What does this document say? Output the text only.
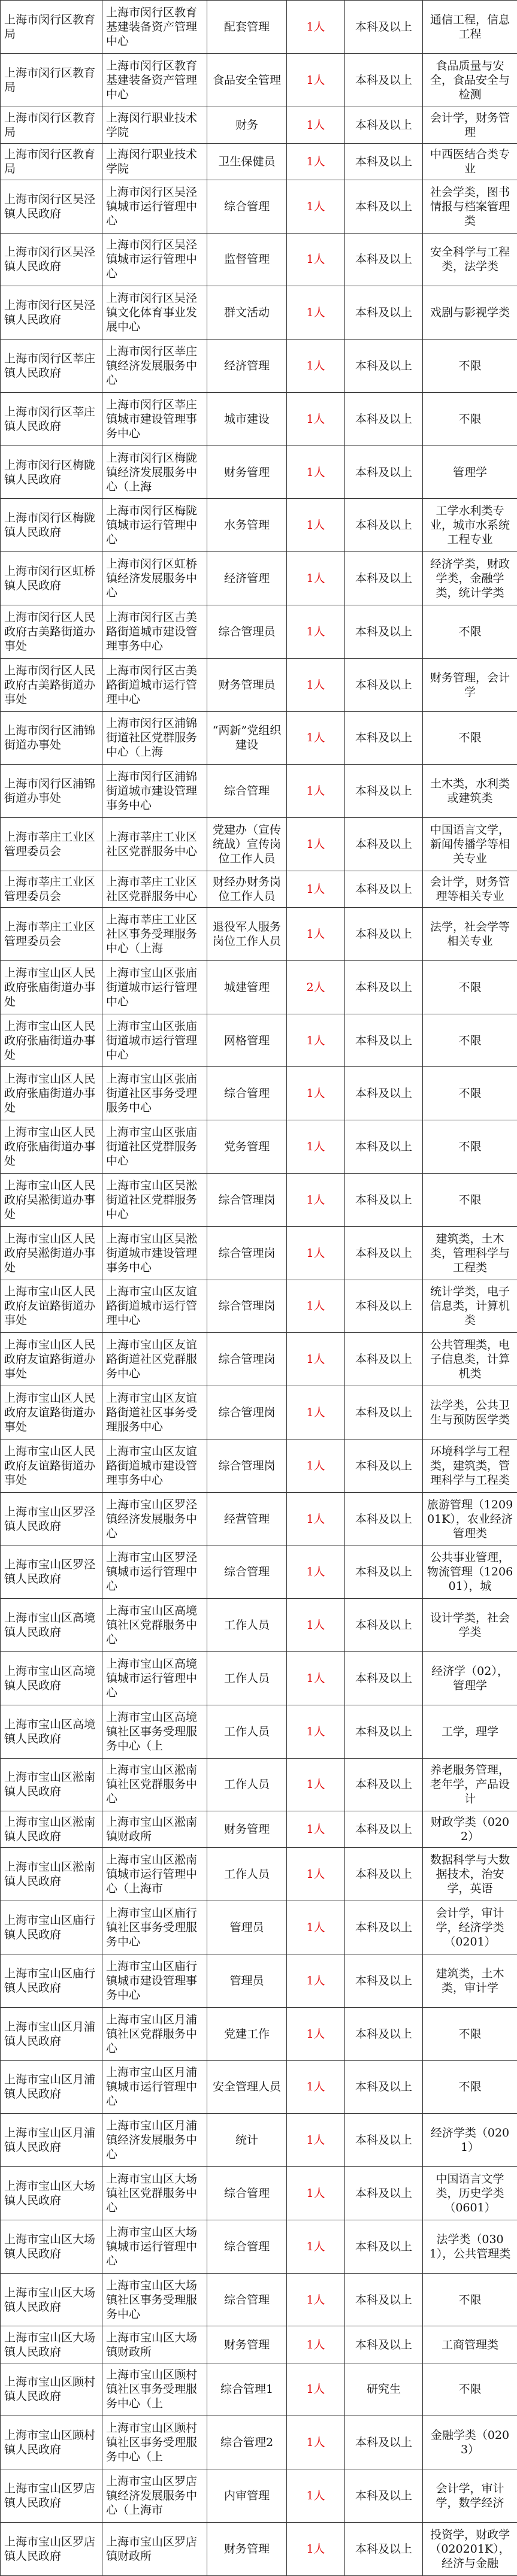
上海市闵行区教育局	上海市闵行区教育基建装备资产管理中心	配套管理	1人	本科及以上	通信工程，信息工程
上海市闵行区教育局	上海市闵行区教育基建装备资产管理中心	食品安全管理	1人	本科及以上	食品质量与安全，食品安全与检测
上海市闵行区教育局	上海闵行职业技术学院	财务	1人	本科及以上	会计学，财务管理
上海市闵行区教育局	上海闵行职业技术学院	卫生保健员	1人	本科及以上	中西医结合类专业
上海市闵行区吴泾镇人民政府	上海市闵行区吴泾镇城市运行管理中心	综合管理	1人	本科及以上	社会学类，图书情报与档案管理类
上海市闵行区吴泾镇人民政府	上海市闵行区吴泾镇城市运行管理中心	监督管理	1人	本科及以上	安全科学与工程类，法学类
上海市闵行区吴泾镇人民政府	上海市闵行区吴泾镇文化体育事业发展中心	群文活动	1人	本科及以上	戏剧与影视学类
上海市闵行区莘庄镇人民政府	上海市闵行区莘庄镇经济发展服务中心	经济管理	1人	本科及以上	不限
上海市闵行区莘庄镇人民政府	上海市闵行区莘庄镇城市建设管理事务中心	城市建设	1人	本科及以上	不限
上海市闵行区梅陇镇人民政府	上海市闵行区梅陇镇经济发展服务中心（上海	财务管理	1人	本科及以上	管理学
上海市闵行区梅陇镇人民政府	上海市闵行区梅陇镇城市运行管理中心	水务管理	1人	本科及以上	工学水利类专业，城市水系统工程专业
上海市闵行区虹桥镇人民政府	上海市闵行区虹桥镇经济发展服务中心	经济管理	1人	本科及以上	经济学类，财政学类，金融学类，统计学类
上海市闵行区人民政府古美路街道办事处	上海市闵行区古美路街道城市建设管理事务中心	综合管理员	1人	本科及以上	不限
上海市闵行区人民政府古美路街道办事处	上海市闵行区古美路街道城市运行管理中心	财务管理员	1人	本科及以上	财务管理，会计学
上海市闵行区浦锦街道办事处	上海市闵行区浦锦街道社区党群服务中心（上海	“两新”党组织建设	1人	本科及以上	不限
上海市闵行区浦锦街道办事处	上海市闵行区浦锦街道城市建设管理事务中心	综合管理	1人	本科及以上	土木类，水利类或建筑类
上海市莘庄工业区管理委员会	上海市莘庄工业区社区党群服务中心	党建办（宣传统战）宣传岗位工作人员	1人	本科及以上	中国语言文学，新闻传播学等相关专业
上海市莘庄工业区管理委员会	上海市莘庄工业区社区党群服务中心	财经办财务岗位工作人员	1人	本科及以上	会计学，财务管理等相关专业
上海市莘庄工业区管理委员会	上海市莘庄工业区社区事务受理服务中心（上海	退役军人服务岗位工作人员	1人	本科及以上	法学，社会学等相关专业
上海市宝山区人民政府张庙街道办事处	上海市宝山区张庙街道城市运行管理中心	城建管理	2人	本科及以上	不限
上海市宝山区人民政府张庙街道办事处	上海市宝山区张庙街道城市运行管理中心	网格管理	1人	本科及以上	不限
上海市宝山区人民政府张庙街道办事处	上海市宝山区张庙街道社区事务受理服务中心	综合管理	1人	本科及以上	不限
上海市宝山区人民政府张庙街道办事处	上海市宝山区张庙街道社区党群服务中心	党务管理	1人	本科及以上	不限
上海市宝山区人民政府吴淞街道办事处	上海市宝山区吴淞街道社区党群服务中心	综合管理岗	1人	本科及以上	不限
上海市宝山区人民政府吴淞街道办事处	上海市宝山区吴淞街道城市建设管理事务中心	综合管理岗	1人	本科及以上	建筑类，土木类，管理科学与工程类
上海市宝山区人民政府友谊路街道办事处	上海市宝山区友谊路街道城市运行管理中心	综合管理岗	1人	本科及以上	统计学类，电子信息类，计算机类
上海市宝山区人民政府友谊路街道办事处	上海市宝山区友谊路街道社区党群服务中心	综合管理岗	1人	本科及以上	公共管理类，电子信息类，计算机类
上海市宝山区人民政府友谊路街道办事处	上海市宝山区友谊路街道社区事务受理服务中心	综合管理岗	1人	本科及以上	法学类，公共卫生与预防医学类
上海市宝山区人民政府友谊路街道办事处	上海市宝山区友谊路街道城市建设管理事务中心	综合管理岗	1人	本科及以上	环境科学与工程类，建筑类，管理科学与工程类
上海市宝山区罗泾镇人民政府	上海市宝山区罗泾镇经济发展服务中心	经营管理	1人	本科及以上	旅游管理（120901K），农业经济管理类
上海市宝山区罗泾镇人民政府	上海市宝山区罗泾镇城市运行管理中心	综合管理	1人	本科及以上	公共事业管理，物流管理（120601），城
上海市宝山区高境镇人民政府	上海市宝山区高境镇社区党群服务中心	工作人员	1人	本科及以上	设计学类，社会学类
上海市宝山区高境镇人民政府	上海市宝山区高境镇城市运行管理中心	工作人员	1人	本科及以上	经济学（02），管理学
上海市宝山区高境镇人民政府	上海市宝山区高境镇社区事务受理服务中心（上	工作人员	1人	本科及以上	工学，理学
上海市宝山区淞南镇人民政府	上海市宝山区淞南镇社区党群服务中心	工作人员	1人	本科及以上	养老服务管理，老年学，产品设计
上海市宝山区淞南镇人民政府	上海市宝山区淞南镇财政所	财务管理	1人	本科及以上	财政学类（0202）
上海市宝山区淞南镇人民政府	上海市宝山区淞南镇城市运行管理中心（上海市	工作人员	1人	本科及以上	数据科学与大数据技术，治安学，英语
上海市宝山区庙行镇人民政府	上海市宝山区庙行镇社区事务受理服务中心	管理员	1人	本科及以上	会计学，审计学，经济学类（0201）
上海市宝山区庙行镇人民政府	上海市宝山区庙行镇城市建设管理事务中心	管理员	1人	本科及以上	建筑类，土木类，审计学
上海市宝山区月浦镇人民政府	上海市宝山区月浦镇社区党群服务中心	党建工作	1人	本科及以上	不限
上海市宝山区月浦镇人民政府	上海市宝山区月浦镇城市运行管理中心	安全管理人员	1人	本科及以上	不限
上海市宝山区月浦镇人民政府	上海市宝山区月浦镇经济发展服务中心	统计	1人	本科及以上	经济学类（0201）
上海市宝山区大场镇人民政府	上海市宝山区大场镇社区党群服务中心	综合管理	1人	本科及以上	中国语言文学类，历史学类（0601）
上海市宝山区大场镇人民政府	上海市宝山区大场镇城市运行管理中心	综合管理	1人	本科及以上	法学类（0301），公共管理类
上海市宝山区大场镇人民政府	上海市宝山区大场镇社区事务受理服务中心	综合管理	1人	本科及以上	不限
上海市宝山区大场镇人民政府	上海市宝山区大场镇财政所	财务管理	1人	本科及以上	工商管理类
上海市宝山区顾村镇人民政府	上海市宝山区顾村镇社区事务受理服务中心（上	综合管理1	1人	研究生	不限
上海市宝山区顾村镇人民政府	上海市宝山区顾村镇社区事务受理服务中心（上	综合管理2	1人	本科及以上	金融学类（0203）
上海市宝山区罗店镇人民政府	上海市宝山区罗店镇经济发展服务中心（上海市	内审管理	1人	本科及以上	会计学，审计学，数学经济
上海市宝山区罗店镇人民政府	上海市宝山区罗店镇财政所	财务管理	1人	本科及以上	投资学，财政学（020201K），经济与金融
